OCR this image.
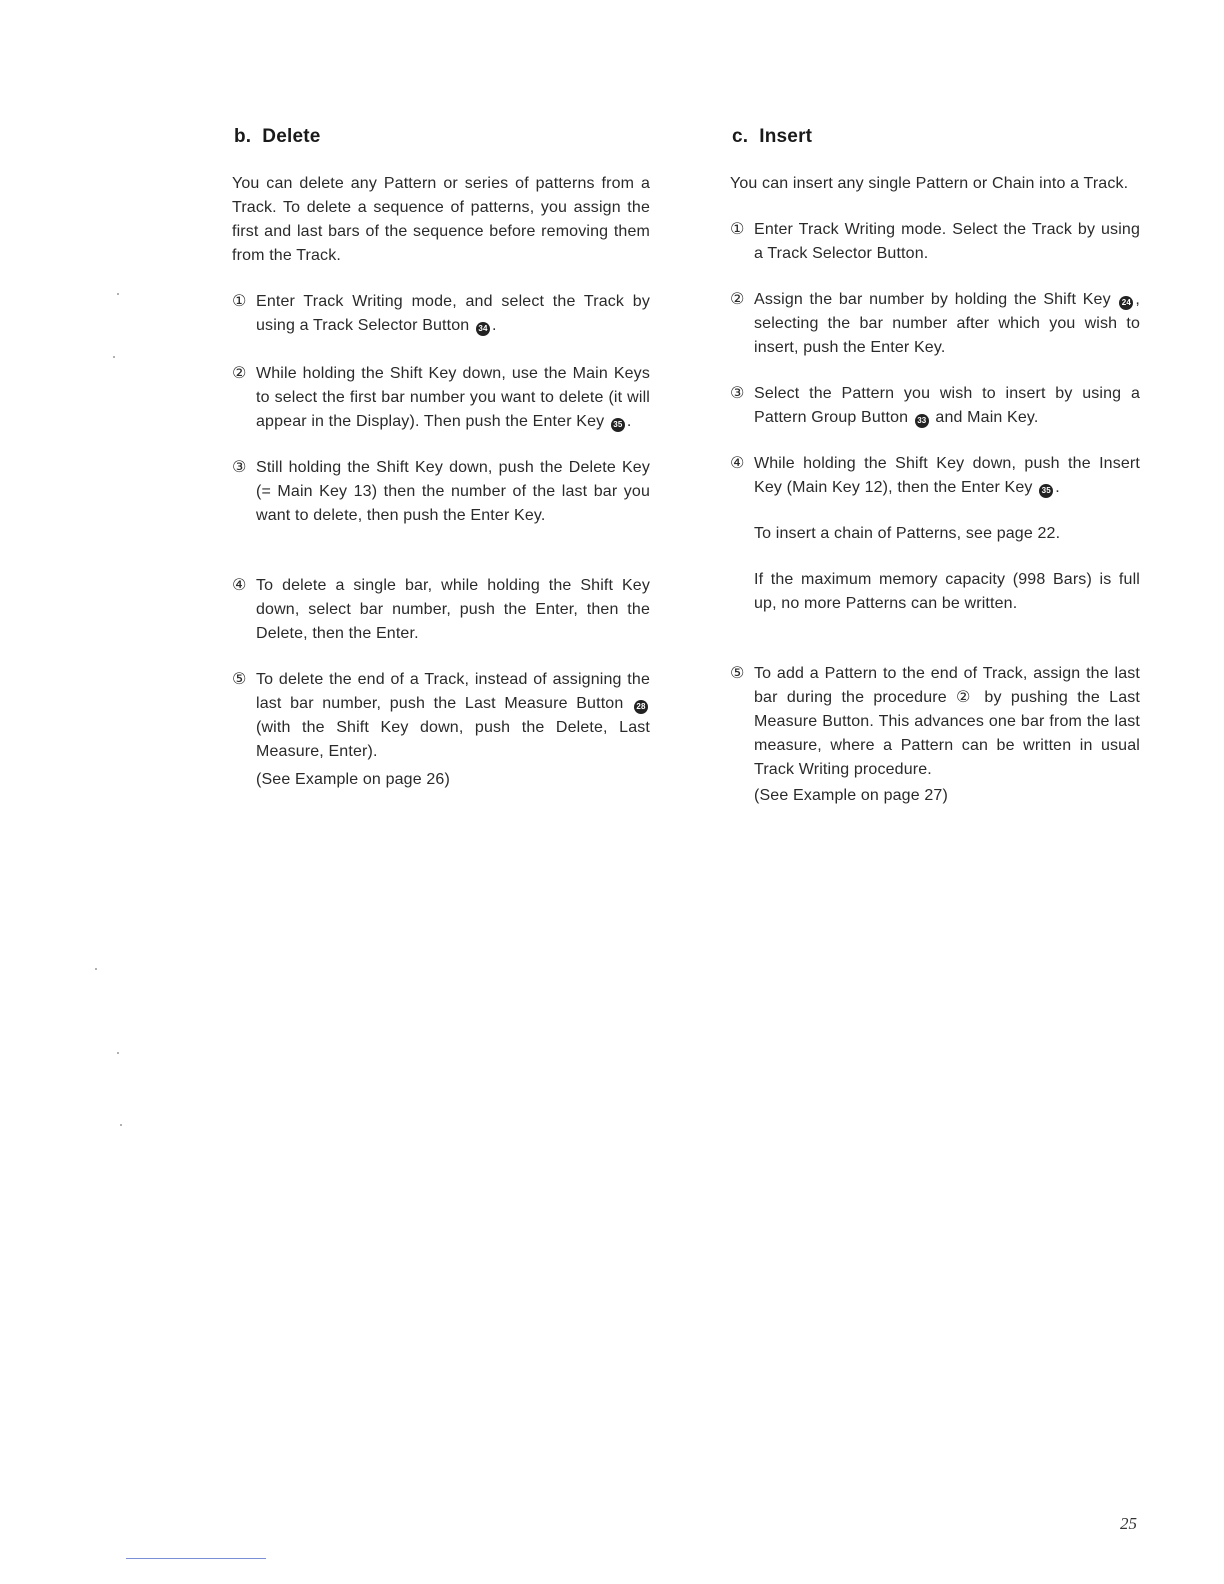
b. Delete

You can delete any Pattern or series of patterns from a Track. To delete a sequence of patterns, you assign the first and last bars of the sequence before removing them from the Track.

① Enter Track Writing mode, and select the Track by using a Track Selector Button 34 .

② While holding the Shift Key down, use the Main Keys to select the first bar number you want to delete (it will appear in the Display). Then push the Enter Key 35 .

③ Still holding the Shift Key down, push the Delete Key (= Main Key 13) then the number of the last bar you want to delete, then push the Enter Key.

④ To delete a single bar, while holding the Shift Key down, select bar number, push the Enter, then the Delete, then the Enter.

⑤ To delete the end of a Track, instead of assigning the last bar number, push the Last Measure Button 28 (with the Shift Key down, push the Delete, Last Measure, Enter).

(See Example on page 26)

c. Insert

You can insert any single Pattern or Chain into a Track.

① Enter Track Writing mode. Select the Track by using a Track Selector Button.

② Assign the bar number by holding the Shift Key 24 , selecting the bar number after which you wish to insert, push the Enter Key.

③ Select the Pattern you wish to insert by using a Pattern Group Button 33 and Main Key.

④ While holding the Shift Key down, push the Insert Key (Main Key 12), then the Enter Key 35 .

To insert a chain of Patterns, see page 22.

If the maximum memory capacity (998 Bars) is full up, no more Patterns can be written.

⑤ To add a Pattern to the end of Track, assign the last bar during the procedure ② by pushing the Last Measure Button. This advances one bar from the last measure, where a Pattern can be written in usual Track Writing procedure.

(See Example on page 27)

25
